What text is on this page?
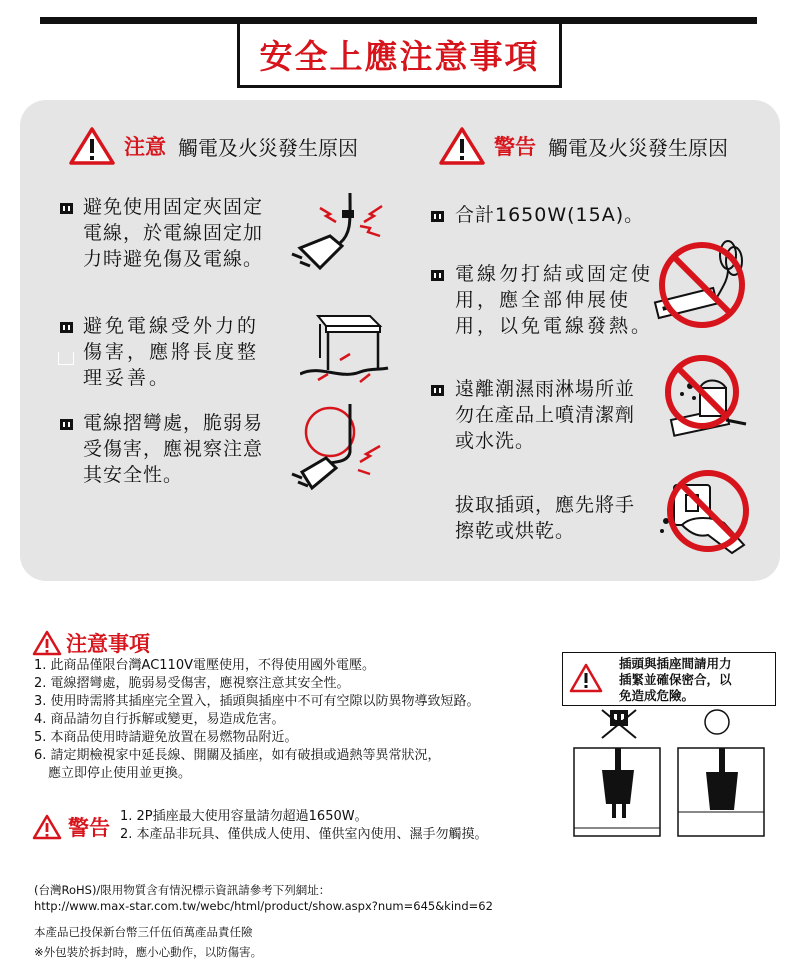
安全上應注意事項
注意 觸電及火災發生原因	警告 觸電及火災發生原因
避免使用固定夾固定
電線，於電線固定加
力時避免傷及電線。
避免電線受外力的
傷害，應將長度整
理妥善。
電線摺彎處，脆弱易
受傷害，應視察注意
其安全性。
合計1650W(15A)。
電線勿打結或固定使
用，應全部伸展使
用，以免電線發熱。
遠離潮濕雨淋場所並
勿在產品上噴清潔劑
或水洗。
拔取插頭，應先將手
擦乾或烘乾。
注意事項
1. 此商品僅限台灣AC110V電壓使用，不得使用國外電壓。
2. 電線摺彎處，脆弱易受傷害，應視察注意其安全性。
3. 使用時需將其插座完全置入，插頭與插座中不可有空隙以防異物導致短路。
4. 商品請勿自行拆解或變更，易造成危害。
5. 本商品使用時請避免放置在易燃物品附近。
6. 請定期檢視家中延長線、開關及插座，如有破損或過熱等異常狀況，
應立即停止使用並更換。
插頭與插座間請用力
插緊並確保密合，以
免造成危險。
警告 1. 2P插座最大使用容量請勿超過1650W。
2. 本產品非玩具、僅供成人使用、僅供室內使用、濕手勿觸摸。
(台灣RoHS)/限用物質含有情況標示資訊請參考下列網址：
http://www.max-star.com.tw/webc/html/product/show.aspx?num=645&kind=62
本產品已投保新台幣三仟伍佰萬產品責任險
※外包裝於拆封時，應小心動作，以防傷害。
